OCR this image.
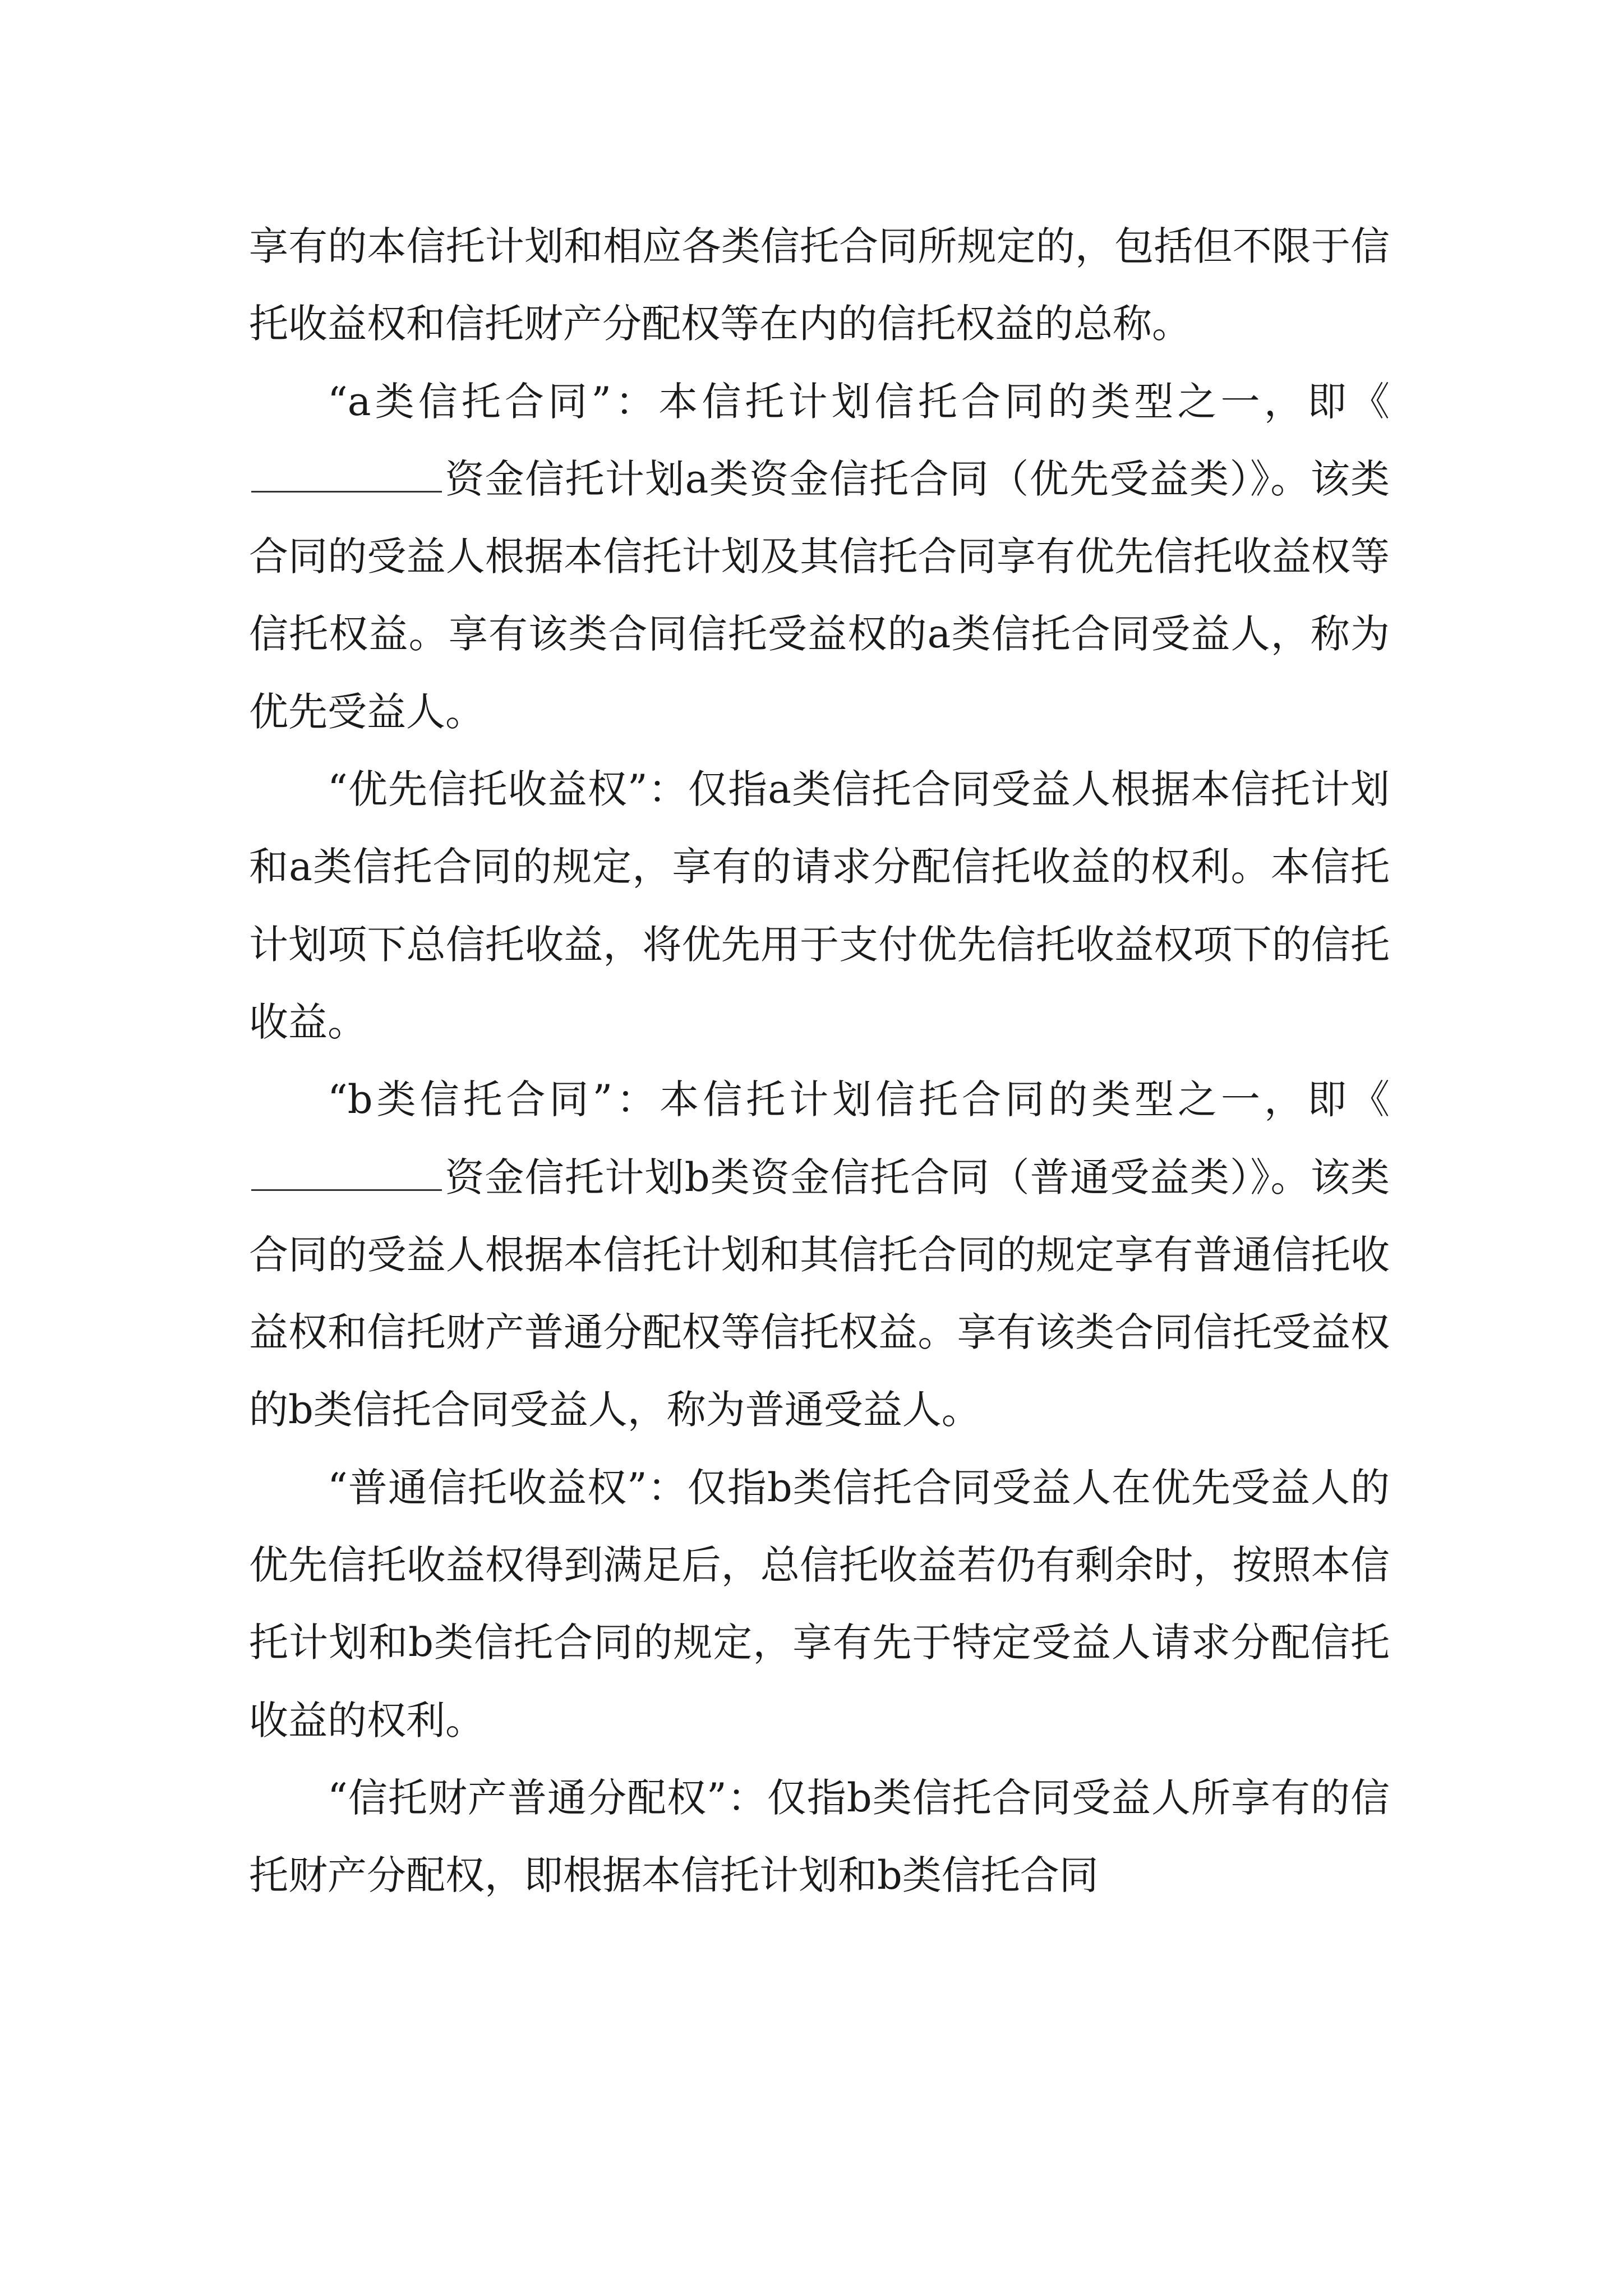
享有的本信托计划和相应各类信托合同所规定的，包括但不限于信托收益权和信托财产分配权等在内的信托权益的总称。

“a类信托合同”：本信托计划信托合同的类型之一，即《资金信托计划a类资金信托合同（优先受益类）》。该类合同的受益人根据本信托计划及其信托合同享有优先信托收益权等信托权益。享有该类合同信托受益权的a类信托合同受益人，称为优先受益人。

“优先信托收益权”：仅指a类信托合同受益人根据本信托计划和a类信托合同的规定，享有的请求分配信托收益的权利。本信托计划项下总信托收益，将优先用于支付优先信托收益权项下的信托收益。

“b类信托合同”：本信托计划信托合同的类型之一，即《资金信托计划b类资金信托合同（普通受益类）》。该类合同的受益人根据本信托计划和其信托合同的规定享有普通信托收益权和信托财产普通分配权等信托权益。享有该类合同信托受益权的b类信托合同受益人，称为普通受益人。

“普通信托收益权”：仅指b类信托合同受益人在优先受益人的优先信托收益权得到满足后，总信托收益若仍有剩余时，按照本信托计划和b类信托合同的规定，享有先于特定受益人请求分配信托收益的权利。

“信托财产普通分配权”：仅指b类信托合同受益人所享有的信托财产分配权，即根据本信托计划和b类信托合同
